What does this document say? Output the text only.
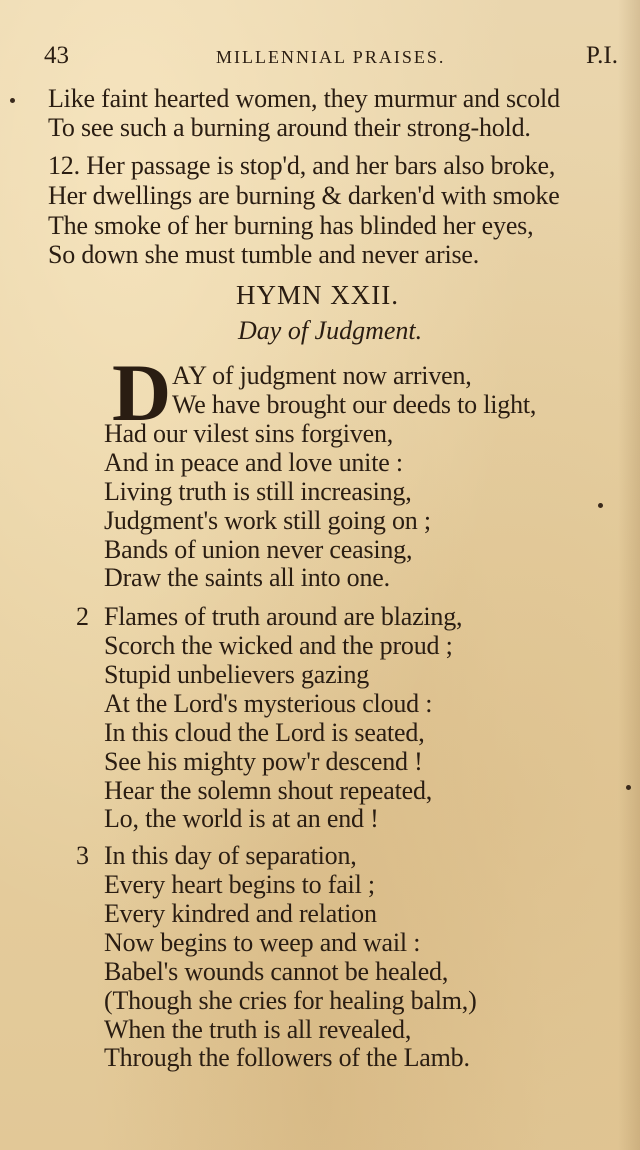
43	MILLENNIAL PRAISES.	P.I.
Like faint hearted women, they murmur and scold
To see such a burning around their strong-hold.
12. Her passage is stop'd, and her bars also broke,
Her dwellings are burning & darken'd with smoke
The smoke of her burning has blinded her eyes,
So down she must tumble and never arise.
HYMN XXII.
Day of Judgment.
D AY of judgment now arriven,
We have brought our deeds to light,
Had our vilest sins forgiven,
And in peace and love unite :
Living truth is still increasing,
Judgment's work still going on ;
Bands of union never ceasing,
Draw the saints all into one.
2 Flames of truth around are blazing,
Scorch the wicked and the proud ;
Stupid unbelievers gazing
At the Lord's mysterious cloud :
In this cloud the Lord is seated,
See his mighty pow'r descend !
Hear the solemn shout repeated,
Lo, the world is at an end !
3 In this day of separation,
Every heart begins to fail ;
Every kindred and relation
Now begins to weep and wail :
Babel's wounds cannot be healed,
(Though she cries for healing balm,)
When the truth is all revealed,
Through the followers of the Lamb.
